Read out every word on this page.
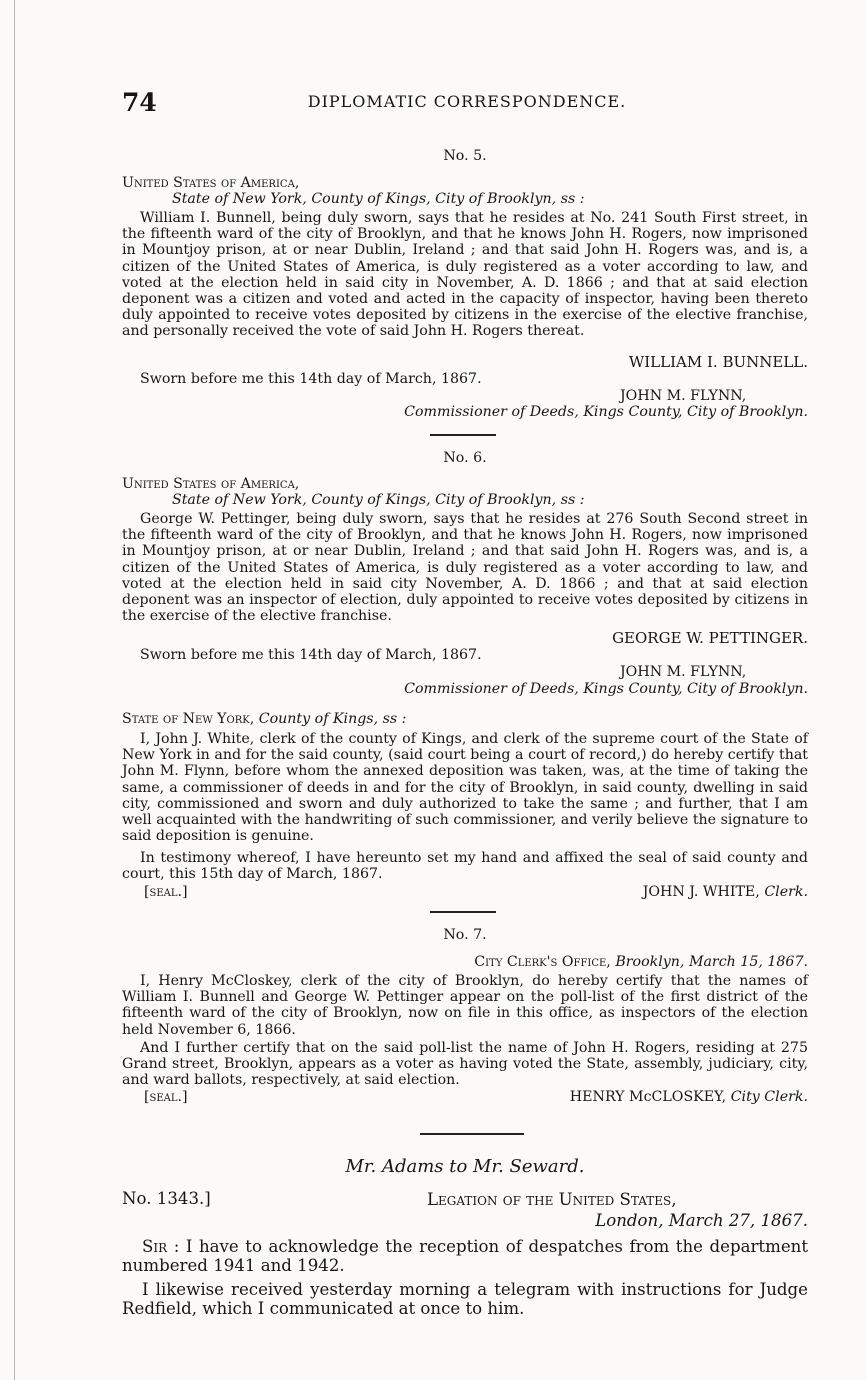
74	DIPLOMATIC CORRESPONDENCE.
No. 5.
United States of America,
State of New York, County of Kings, City of Brooklyn, ss :
William I. Bunnell, being duly sworn, says that he resides at No. 241 South First street, in the fifteenth ward of the city of Brooklyn, and that he knows John H. Rogers, now imprisoned in Mountjoy prison, at or near Dublin, Ireland ; and that said John H. Rogers was, and is, a citizen of the United States of America, is duly registered as a voter according to law, and voted at the election held in said city in November, A. D. 1866 ; and that at said election deponent was a citizen and voted and acted in the capacity of inspector, having been thereto duly appointed to receive votes deposited by citizens in the exercise of the elective franchise, and personally received the vote of said John H. Rogers thereat.
WILLIAM I. BUNNELL.
Sworn before me this 14th day of March, 1867.
JOHN M. FLYNN,
Commissioner of Deeds, Kings County, City of Brooklyn.
No. 6.
United States of America,
State of New York, County of Kings, City of Brooklyn, ss :
George W. Pettinger, being duly sworn, says that he resides at 276 South Second street in the fifteenth ward of the city of Brooklyn, and that he knows John H. Rogers, now imprisoned in Mountjoy prison, at or near Dublin, Ireland ; and that said John H. Rogers was, and is, a citizen of the United States of America, is duly registered as a voter according to law, and voted at the election held in said city November, A. D. 1866 ; and that at said election deponent was an inspector of election, duly appointed to receive votes deposited by citizens in the exercise of the elective franchise.
GEORGE W. PETTINGER.
Sworn before me this 14th day of March, 1867.
JOHN M. FLYNN,
Commissioner of Deeds, Kings County, City of Brooklyn.
State of New York, County of Kings, ss :
I, John J. White, clerk of the county of Kings, and clerk of the supreme court of the State of New York in and for the said county, (said court being a court of record,) do hereby certify that John M. Flynn, before whom the annexed deposition was taken, was, at the time of taking the same, a commissioner of deeds in and for the city of Brooklyn, in said county, dwelling in said city, commissioned and sworn and duly authorized to take the same ; and further, that I am well acquainted with the handwriting of such commissioner, and verily believe the signature to said deposition is genuine.
In testimony whereof, I have hereunto set my hand and affixed the seal of said county and court, this 15th day of March, 1867.
[seal.]	JOHN J. WHITE, Clerk.
No. 7.
City Clerk's Office, Brooklyn, March 15, 1867.
I, Henry McCloskey, clerk of the city of Brooklyn, do hereby certify that the names of William I. Bunnell and George W. Pettinger appear on the poll-list of the first district of the fifteenth ward of the city of Brooklyn, now on file in this office, as inspectors of the election held November 6, 1866.
And I further certify that on the said poll-list the name of John H. Rogers, residing at 275 Grand street, Brooklyn, appears as a voter as having voted the State, assembly, judiciary, city, and ward ballots, respectively, at said election.
[seal.]	HENRY McCLOSKEY, City Clerk.
Mr. Adams to Mr. Seward.
No. 1343.]	Legation of the United States,
London, March 27, 1867.
Sir : I have to acknowledge the reception of despatches from the department numbered 1941 and 1942.
I likewise received yesterday morning a telegram with instructions for Judge Redfield, which I communicated at once to him.
